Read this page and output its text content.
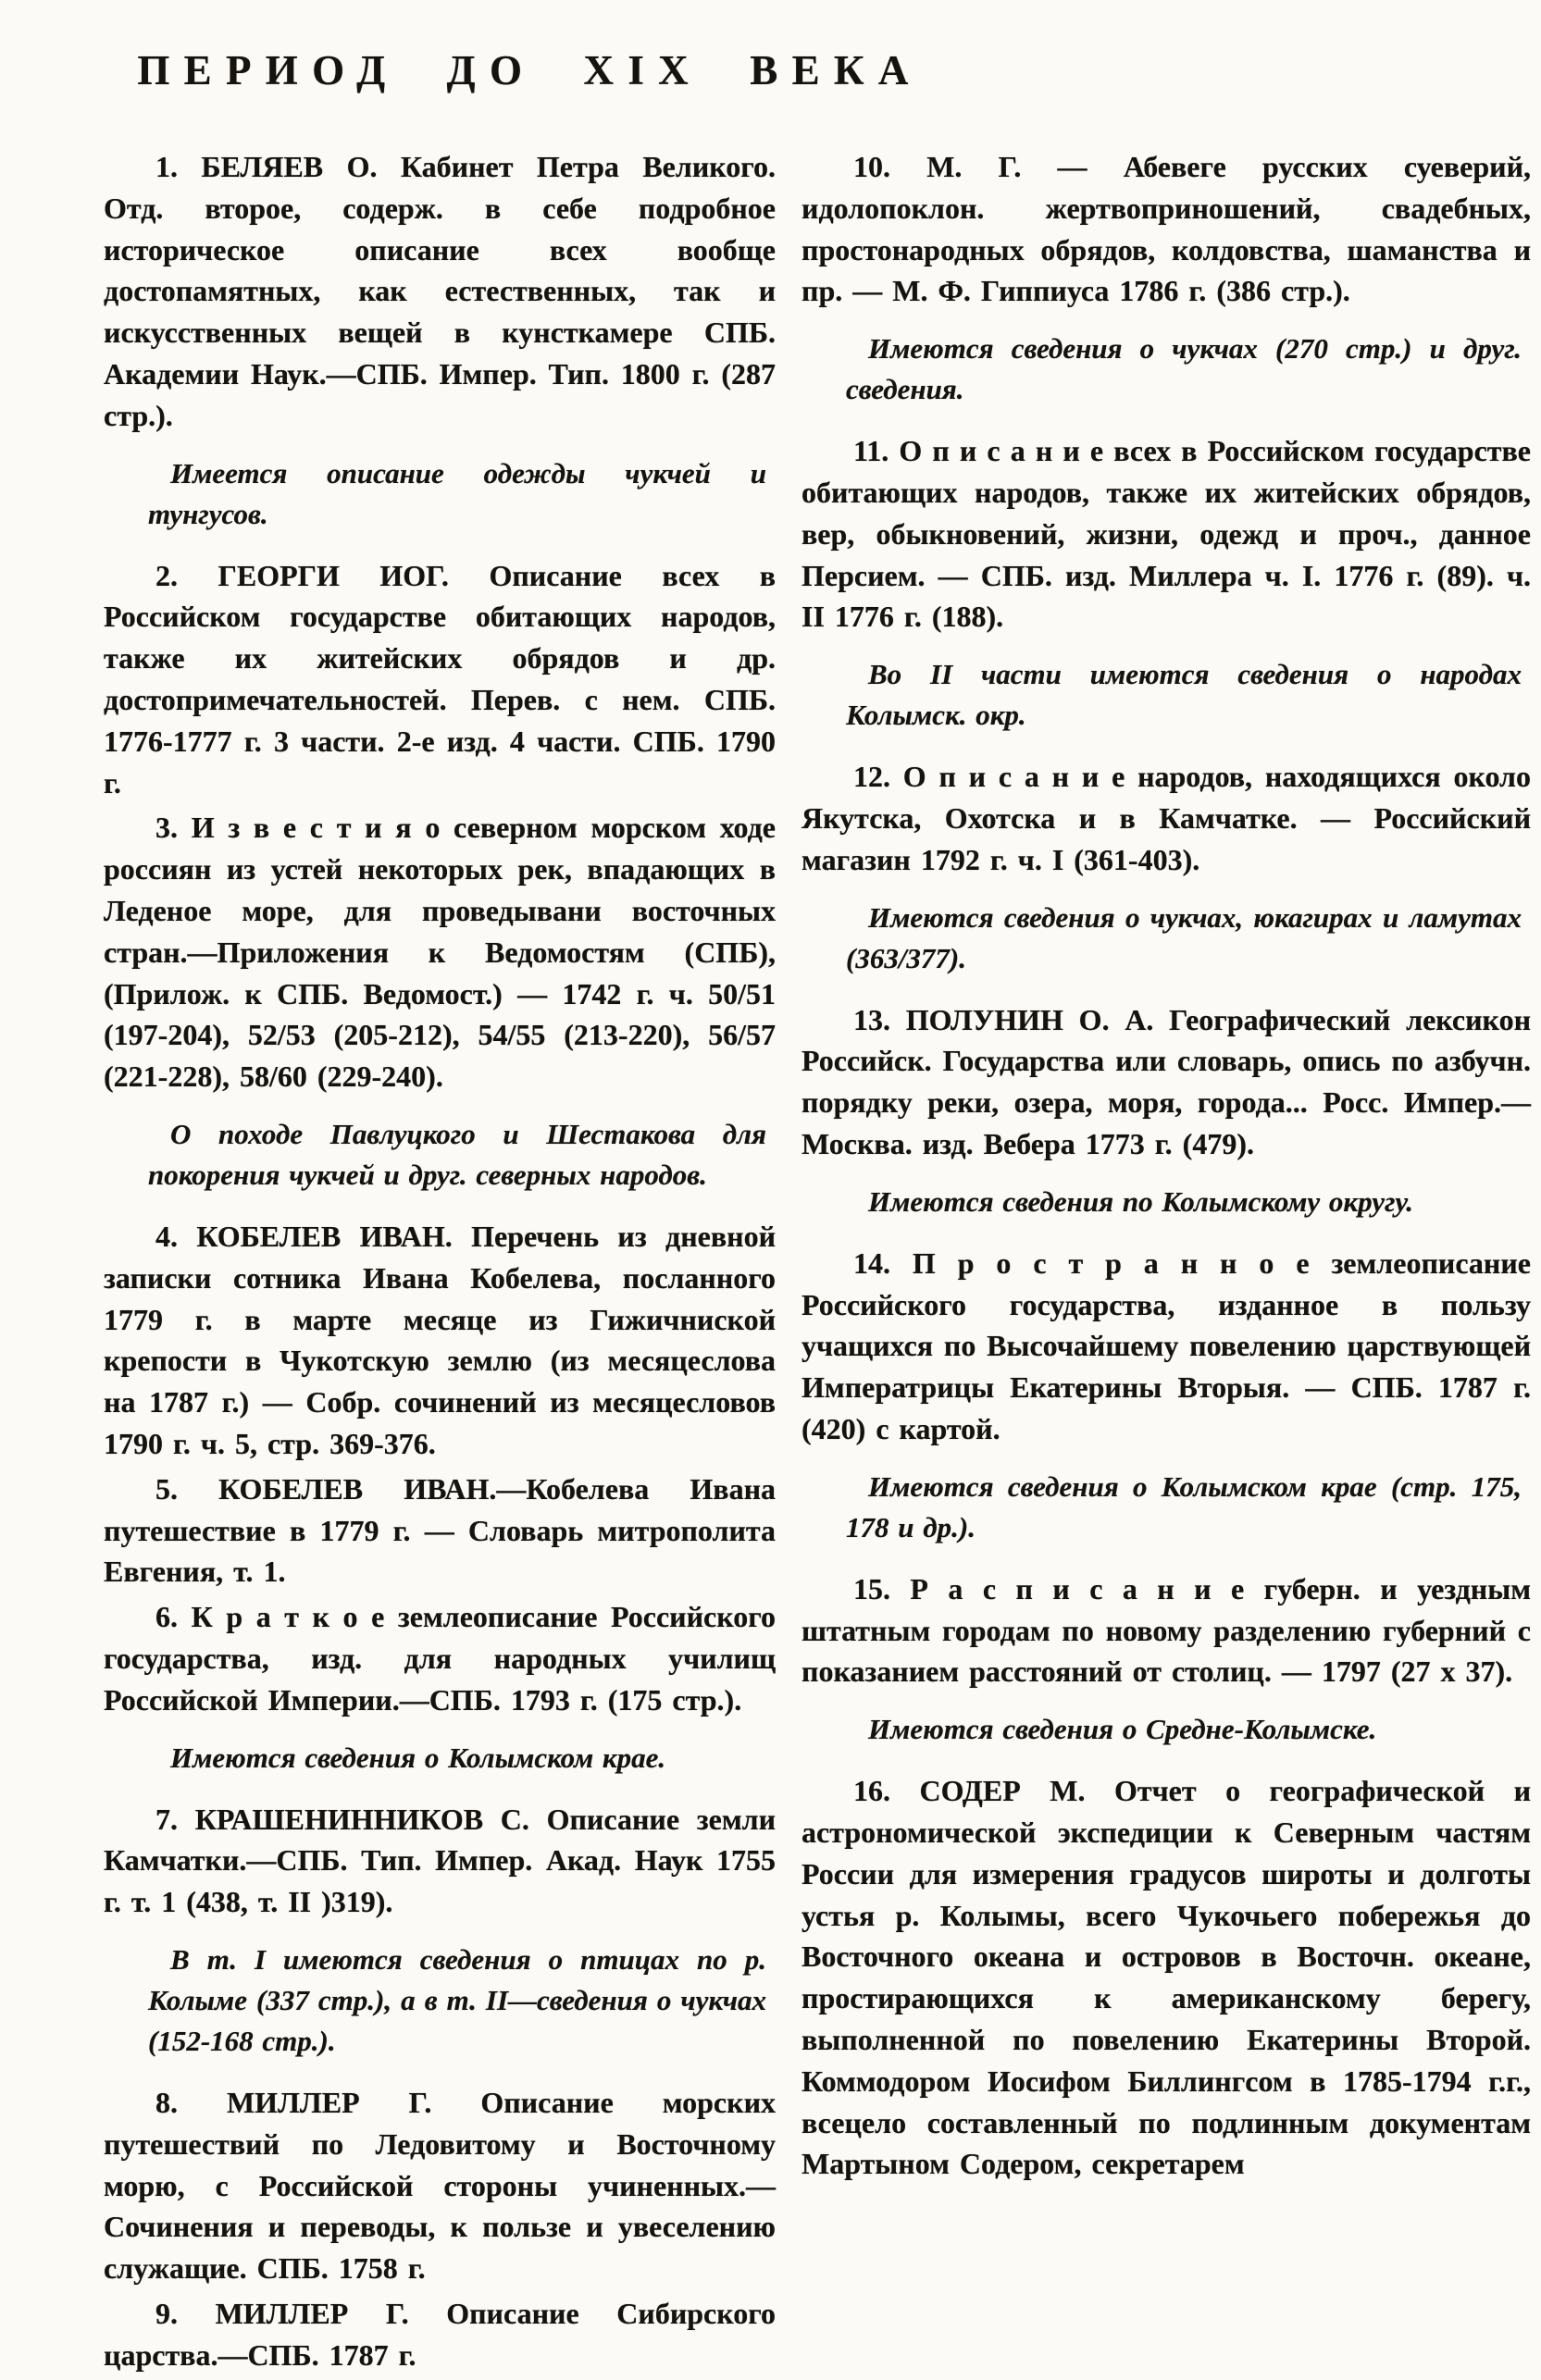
ПЕРИОД ДО XIX ВЕКА

1. БЕЛЯЕВ О. Кабинет Петра Великого. Отд. второе, содерж. в себе подробное историческое описание всех вообще достопамятных, как естественных, так и искусственных вещей в кунсткамере СПБ. Академии Наук.—СПБ. Импер. Тип. 1800 г. (287 стр.).

Имеется описание одежды чукчей и тунгусов.

2. ГЕОРГИ ИОГ. Описание всех в Российском государстве обитающих народов, также их житейских обрядов и др. достопримечательностей. Перев. с нем. СПБ. 1776-1777 г. 3 части. 2-е изд. 4 части. СПБ. 1790 г.

3. И з в е с т и я о северном морском ходе россиян из устей некоторых рек, впадающих в Леденое море, для проведывани восточных стран.—Приложения к Ведомостям (СПБ), (Прилож. к СПБ. Ведомост.) — 1742 г. ч. 50/51 (197-204), 52/53 (205-212), 54/55 (213-220), 56/57 (221-228), 58/60 (229-240).

О походе Павлуцкого и Шестакова для покорения чукчей и друг. северных народов.

4. КОБЕЛЕВ ИВАН. Перечень из дневной записки сотника Ивана Кобелева, посланного 1779 г. в марте месяце из Гижичниской крепости в Чукотскую землю (из месяцеслова на 1787 г.) — Собр. сочинений из месяцесловов 1790 г. ч. 5, стр. 369-376.

5. КОБЕЛЕВ ИВАН.—Кобелева Ивана путешествие в 1779 г. — Словарь митрополита Евгения, т. 1.

6. К р а т к о е землеописание Российского государства, изд. для народных училищ Российской Империи.—СПБ. 1793 г. (175 стр.).

Имеются сведения о Колымском крае.

7. КРАШЕНИННИКОВ С. Описание земли Камчатки.—СПБ. Тип. Импер. Акад. Наук 1755 г. т. 1 (438, т. II )319).

В т. I имеются сведения о птицах по р. Колыме (337 стр.), а в т. II—сведения о чукчах (152-168 стр.).

8. МИЛЛЕР Г. Описание морских путешествий по Ледовитому и Восточному морю, с Российской стороны учиненных.—Сочинения и переводы, к пользе и увеселению служащие. СПБ. 1758 г.

9. МИЛЛЕР Г. Описание Сибирского царства.—СПБ. 1787 г.

10. М. Г. — Абевеге русских суеверий, идолопоклон. жертвоприношений, свадебных, простонародных обрядов, колдовства, шаманства и пр. — М. Ф. Гиппиуса 1786 г. (386 стр.).

Имеются сведения о чукчах (270 стр.) и друг. сведения.

11. О п и с а н и е всех в Российском государстве обитающих народов, также их житейских обрядов, вер, обыкновений, жизни, одежд и проч., данное Персием. — СПБ. изд. Миллера ч. I. 1776 г. (89). ч. II 1776 г. (188).

Во II части имеются сведения о народах Колымск. окр.

12. О п и с а н и е народов, находящихся около Якутска, Охотска и в Камчатке. — Российский магазин 1792 г. ч. I (361-403).

Имеются сведения о чукчах, юкагирах и ламутах (363/377).

13. ПОЛУНИН О. А. Географический лексикон Российск. Государства или словарь, опись по азбучн. порядку реки, озера, моря, города... Росс. Импер.—Москва. изд. Вебера 1773 г. (479).

Имеются сведения по Колымскому округу.

14. П р о с т р а н н о е землеописание Российского государства, изданное в пользу учащихся по Высочайшему повелению царствующей Императрицы Екатерины Вторыя. — СПБ. 1787 г. (420) с картой.

Имеются сведения о Колымском крае (стр. 175, 178 и др.).

15. Р а с п и с а н и е губерн. и уездным штатным городам по новому разделению губерний с показанием расстояний от столиц. — 1797 (27 x 37).

Имеются сведения о Средне-Колымске.

16. СОДЕР М. Отчет о географической и астрономической экспедиции к Северным частям России для измерения градусов широты и долготы устья р. Колымы, всего Чукочьего побережья до Восточного океана и островов в Восточн. океане, простирающихся к американскому берегу, выполненной по повелению Екатерины Второй. Коммодором Иосифом Биллингсом в 1785-1794 г.г., всецело составленный по подлинным документам Мартыном Содером, секретарем
